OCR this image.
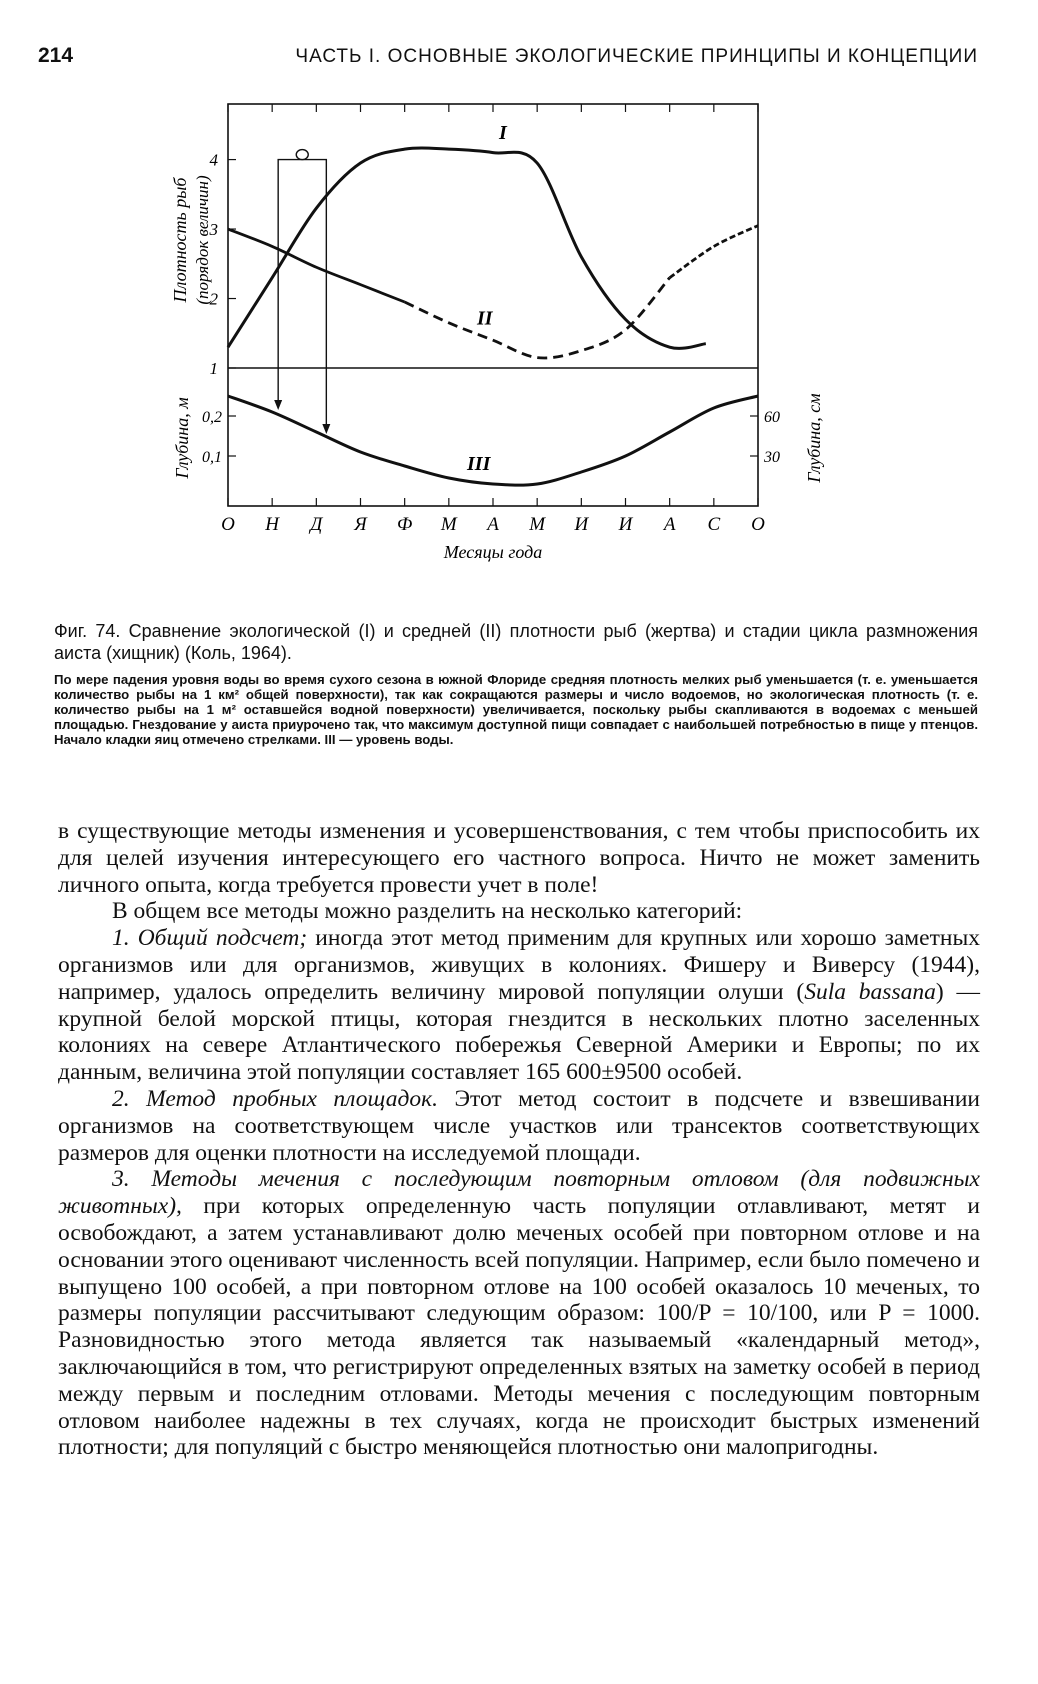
214	ЧАСТЬ I. ОСНОВНЫЕ ЭКОЛОГИЧЕСКИЕ ПРИНЦИПЫ И КОНЦЕПЦИИ
О Н Д Я Ф М А М И И А С О
Месяцы года
4
3
2
1
0,2
0,1
60
30
Плотность рыб (порядок величин)
Глубина, м	Глубина, см
I
II
III
Фиг. 74. Сравнение экологической (I) и средней (II) плотности рыб (жертва) и стадии цикла размножения аиста (хищник) (Коль, 1964).
По мере падения уровня воды во время сухого сезона в южной Флориде средняя плотность мелких рыб уменьшается (т. е. уменьшается количество рыбы на 1 км² общей поверхности), так как сокращаются размеры и число водоемов, но экологическая плотность (т. е. количество рыбы на 1 м² оставшейся водной поверхности) увеличивается, поскольку рыбы скапливаются в водоемах с меньшей площадью. Гнездование у аиста приурочено так, что максимум доступной пищи совпадает с наибольшей потребностью в пище у птенцов. Начало кладки яиц отмечено стрелками. III — уровень воды.

в существующие методы изменения и усовершенствования, с тем чтобы приспособить их для целей изучения интересующего его частного вопроса. Ничто не может заменить личного опыта, когда требуется провести учет в поле!

В общем все методы можно разделить на несколько категорий:

1. Общий подсчет; иногда этот метод применим для крупных или хорошо заметных организмов или для организмов, живущих в колониях. Фишеру и Виверсу (1944), например, удалось определить величину мировой популяции олуши (Sula bassana) — крупной белой морской птицы, которая гнездится в нескольких плотно заселенных колониях на севере Атлантического побережья Северной Америки и Европы; по их данным, величина этой популяции составляет 165 600±9500 особей.

2. Метод пробных площадок. Этот метод состоит в подсчете и взвешивании организмов на соответствующем числе участков или трансектов соответствующих размеров для оценки плотности на исследуемой площади.

3. Методы мечения с последующим повторным отловом (для подвижных животных), при которых определенную часть популяции отлавливают, метят и освобождают, а затем устанавливают долю меченых особей при повторном отлове и на основании этого оценивают численность всей популяции. Например, если было помечено и выпущено 100 особей, а при повторном отлове на 100 особей оказалось 10 меченых, то размеры популяции рассчитывают следующим образом: 100/P = 10/100, или P = 1000. Разновидностью этого метода является так называемый «календарный метод», заключающийся в том, что регистрируют определенных взятых на заметку особей в период между первым и последним отловами. Методы мечения с последующим повторным отловом наиболее надежны в тех случаях, когда не происходит быстрых изменений плотности; для популяций с быстро меняющейся плотностью они малопригодны.
